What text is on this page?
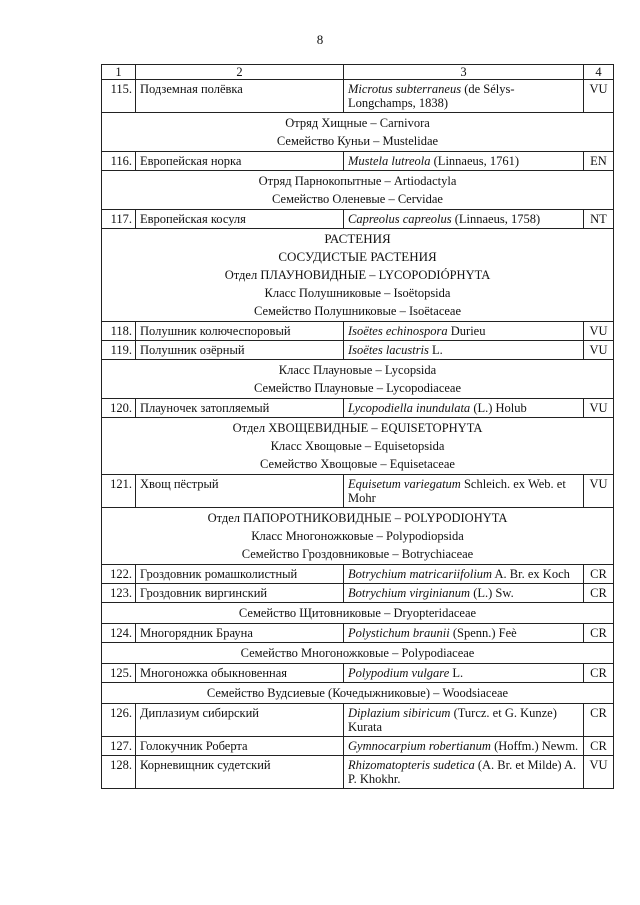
8
1	2	3	4
115.	Подземная полёвка	Microtus subterraneus (de Sélys-Longchamps, 1838)	VU

Отряд Хищные – Carnivora
Семейство Куньи – Mustelidae			

116.	Европейская норка	Mustela lutreola (Linnaeus, 1761)	EN

Отряд Парнокопытные – Artiodactyla
Семейство Оленевые – Cervidae			

117.	Европейская косуля	Capreolus capreolus (Linnaeus, 1758)	NT

РАСТЕНИЯ
СОСУДИСТЫЕ РАСТЕНИЯ
Отдел ПЛАУНОВИДНЫЕ – LYCOPODIÓPHYTA
Класс Полушниковые – Isoëtopsida
Семейство Полушниковые – Isoëtaceae			

118.	Полушник колючеспоровый	Isoëtes echinospora Durieu	VU
119.	Полушник озёрный	Isoëtes lacustris L.	VU

Класс Плауновые – Lycopsida
Семейство Плауновые – Lycopodiaceae			

120.	Плаунoчек затопляемый	Lycopodiella inundulata (L.) Holub	VU

Отдел ХВОЩЕВИДНЫЕ – EQUISETOPHYTA
Класс Хвощовые – Equisetopsida
Семейство Хвощовые – Equisetaceae			

121.	Хвощ пёстрый	Equisetum variegatum Schleich. ex Web. et Mohr	VU

Отдел ПАПОРОТНИКОВИДНЫЕ – POLYPODIOHYTA
Класс Многоножковые – Polypodiopsida
Семейство Гроздовниковые – Botrychiaceae			

122.	Гроздовник ромашколистный	Botrychium matricariifolium A. Br. ex Koch	CR
123.	Гроздовник виргинский	Botrychium virginianum (L.) Sw.	CR

Семейство Щитовниковые – Dryopteridaceae			

124.	Многорядник Брауна	Polystichum braunii (Spenn.) Feè	CR

Семейство Многоножковые – Polypodiaceae			

125.	Многоножка обыкновенная	Polypodium vulgare L.	CR

Семейство Вудсиевые (Кочедыжниковые) – Woodsiaceae			

126.	Диплазиум сибирский	Diplazium sibiricum (Turcz. et G. Kunze) Kurata	CR
127.	Голокучник Роберта	Gymnocarpium robertianum (Hoffm.) Newm.	CR
128.	Корневищник судетский	Rhizomatopteris sudetica (A. Br. et Milde) A. P. Khokhr.	VU
